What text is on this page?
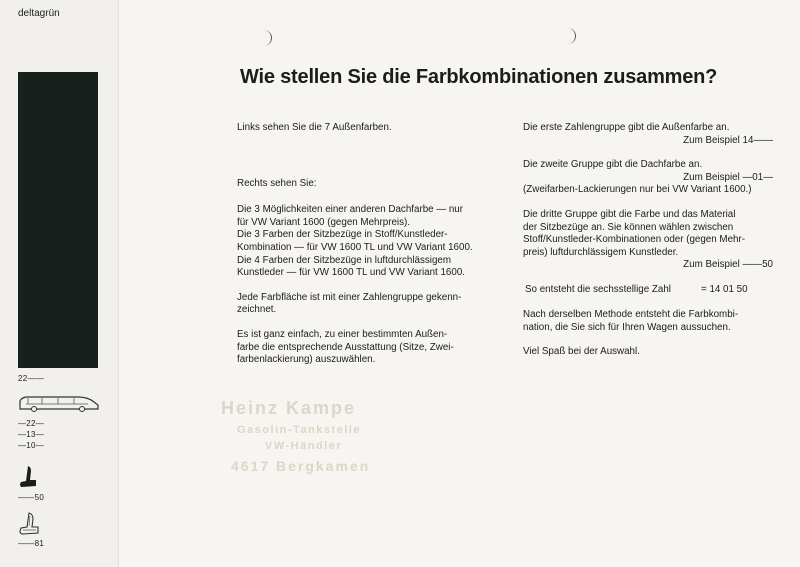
deltagrün
22——
—22—
—13—
—10—
——50
——81
Heinz Kampe
Gasolin-Tankstelle
VW-Händler
4617 Bergkamen
Wie stellen Sie die Farbkombinationen zusammen?

Links sehen Sie die 7 Außenfarben.

Rechts sehen Sie:

Die 3 Möglichkeiten einer anderen Dachfarbe — nur
für VW Variant 1600 (gegen Mehrpreis).
Die 3 Farben der Sitzbezüge in Stoff/Kunstleder-
Kombination — für VW 1600 TL und VW Variant 1600.
Die 4 Farben der Sitzbezüge in luftdurchlässigem
Kunstleder — für VW 1600 TL und VW Variant 1600.
Jede Farbfläche ist mit einer Zahlengruppe gekenn-
zeichnet.
Es ist ganz einfach, zu einer bestimmten Außen-
farbe die entsprechende Ausstattung (Sitze, Zwei-
farbenlackierung) auszuwählen.

Die erste Zahlengruppe gibt die Außenfarbe an.

Zum Beispiel 14——

Die zweite Gruppe gibt die Dachfarbe an.

Zum Beispiel —01—

(Zweifarben-Lackierungen nur bei VW Variant 1600.)

Die dritte Gruppe gibt die Farbe und das Material
der Sitzbezüge an. Sie können wählen zwischen
Stoff/Kunstleder-Kombinationen oder (gegen Mehr-
preis) luftdurchlässigem Kunstleder.

Zum Beispiel ——50

So entsteht die sechsstellige Zahl	= 14 01 50
Nach derselben Methode entsteht die Farbkombi-
nation, die Sie sich für Ihren Wagen aussuchen.

Viel Spaß bei der Auswahl.
